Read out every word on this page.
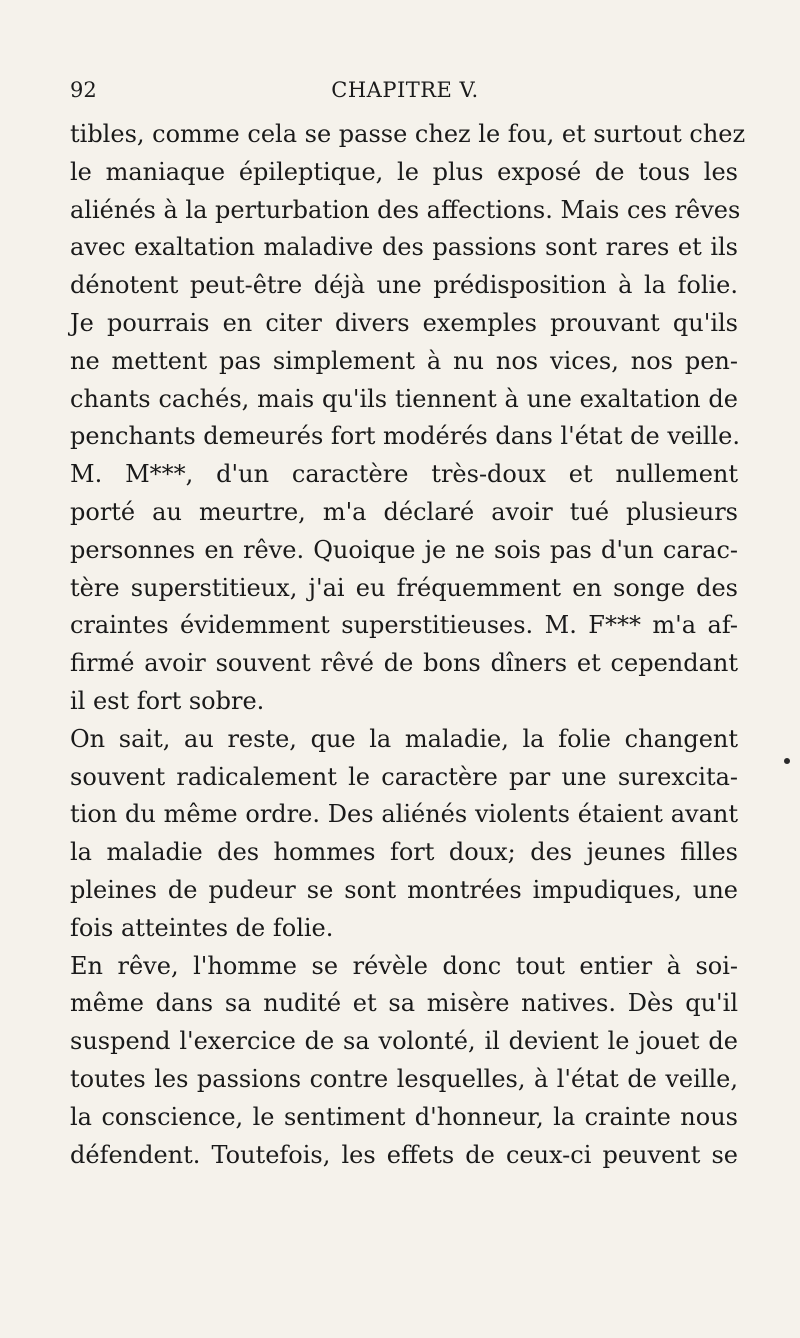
92	CHAPITRE V.
tibles, comme cela se passe chez le fou, et surtout chez
le maniaque épileptique, le plus exposé de tous les
aliénés à la perturbation des affections. Mais ces rêves
avec exaltation maladive des passions sont rares et ils
dénotent peut-être déjà une prédisposition à la folie.
Je pourrais en citer divers exemples prouvant qu'ils
ne mettent pas simplement à nu nos vices, nos pen-
chants cachés, mais qu'ils tiennent à une exaltation de
penchants demeurés fort modérés dans l'état de veille.
M. M***, d'un caractère très-doux et nullement
porté au meurtre, m'a déclaré avoir tué plusieurs
personnes en rêve. Quoique je ne sois pas d'un carac-
tère superstitieux, j'ai eu fréquemment en songe des
craintes évidemment superstitieuses. M. F*** m'a af-
firmé avoir souvent rêvé de bons dîners et cependant
il est fort sobre.
On sait, au reste, que la maladie, la folie changent
souvent radicalement le caractère par une surexcita-
tion du même ordre. Des aliénés violents étaient avant
la maladie des hommes fort doux; des jeunes filles
pleines de pudeur se sont montrées impudiques, une
fois atteintes de folie.
En rêve, l'homme se révèle donc tout entier à soi-
même dans sa nudité et sa misère natives. Dès qu'il
suspend l'exercice de sa volonté, il devient le jouet de
toutes les passions contre lesquelles, à l'état de veille,
la conscience, le sentiment d'honneur, la crainte nous
défendent. Toutefois, les effets de ceux-ci peuvent se
